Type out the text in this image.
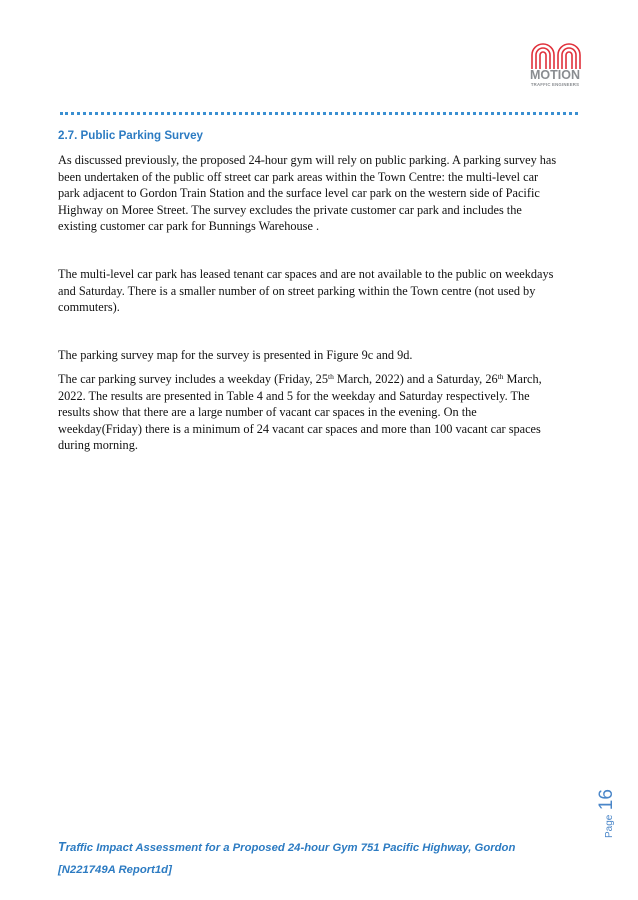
MOTION
TRAFFIC ENGINEERS
2.7. Public Parking Survey

As discussed previously, the proposed 24-hour gym will rely on public parking. A parking survey has
been undertaken of the public off street car park areas within the Town Centre: the multi-level car
park adjacent to Gordon Train Station and the surface level car park on the western side of Pacific
Highway on Moree Street. The survey excludes the private customer car park and includes the
existing customer car park for Bunnings Warehouse .

The multi-level car park has leased tenant car spaces and are not available to the public on weekdays
and Saturday. There is a smaller number of on street parking within the Town centre (not used by
commuters).

The parking survey map for the survey is presented in Figure 9c and 9d.

The car parking survey includes a weekday (Friday, 25th March, 2022) and a Saturday, 26th March,
2022. The results are presented in Table 4 and 5 for the weekday and Saturday respectively. The
results show that there are a large number of vacant car spaces in the evening. On the
weekday(Friday) there is a minimum of 24 vacant car spaces and more than 100 vacant car spaces
during morning.

Page 16
Traffic Impact Assessment for a Proposed 24-hour Gym 751 Pacific Highway, Gordon
[N221749A Report1d]
